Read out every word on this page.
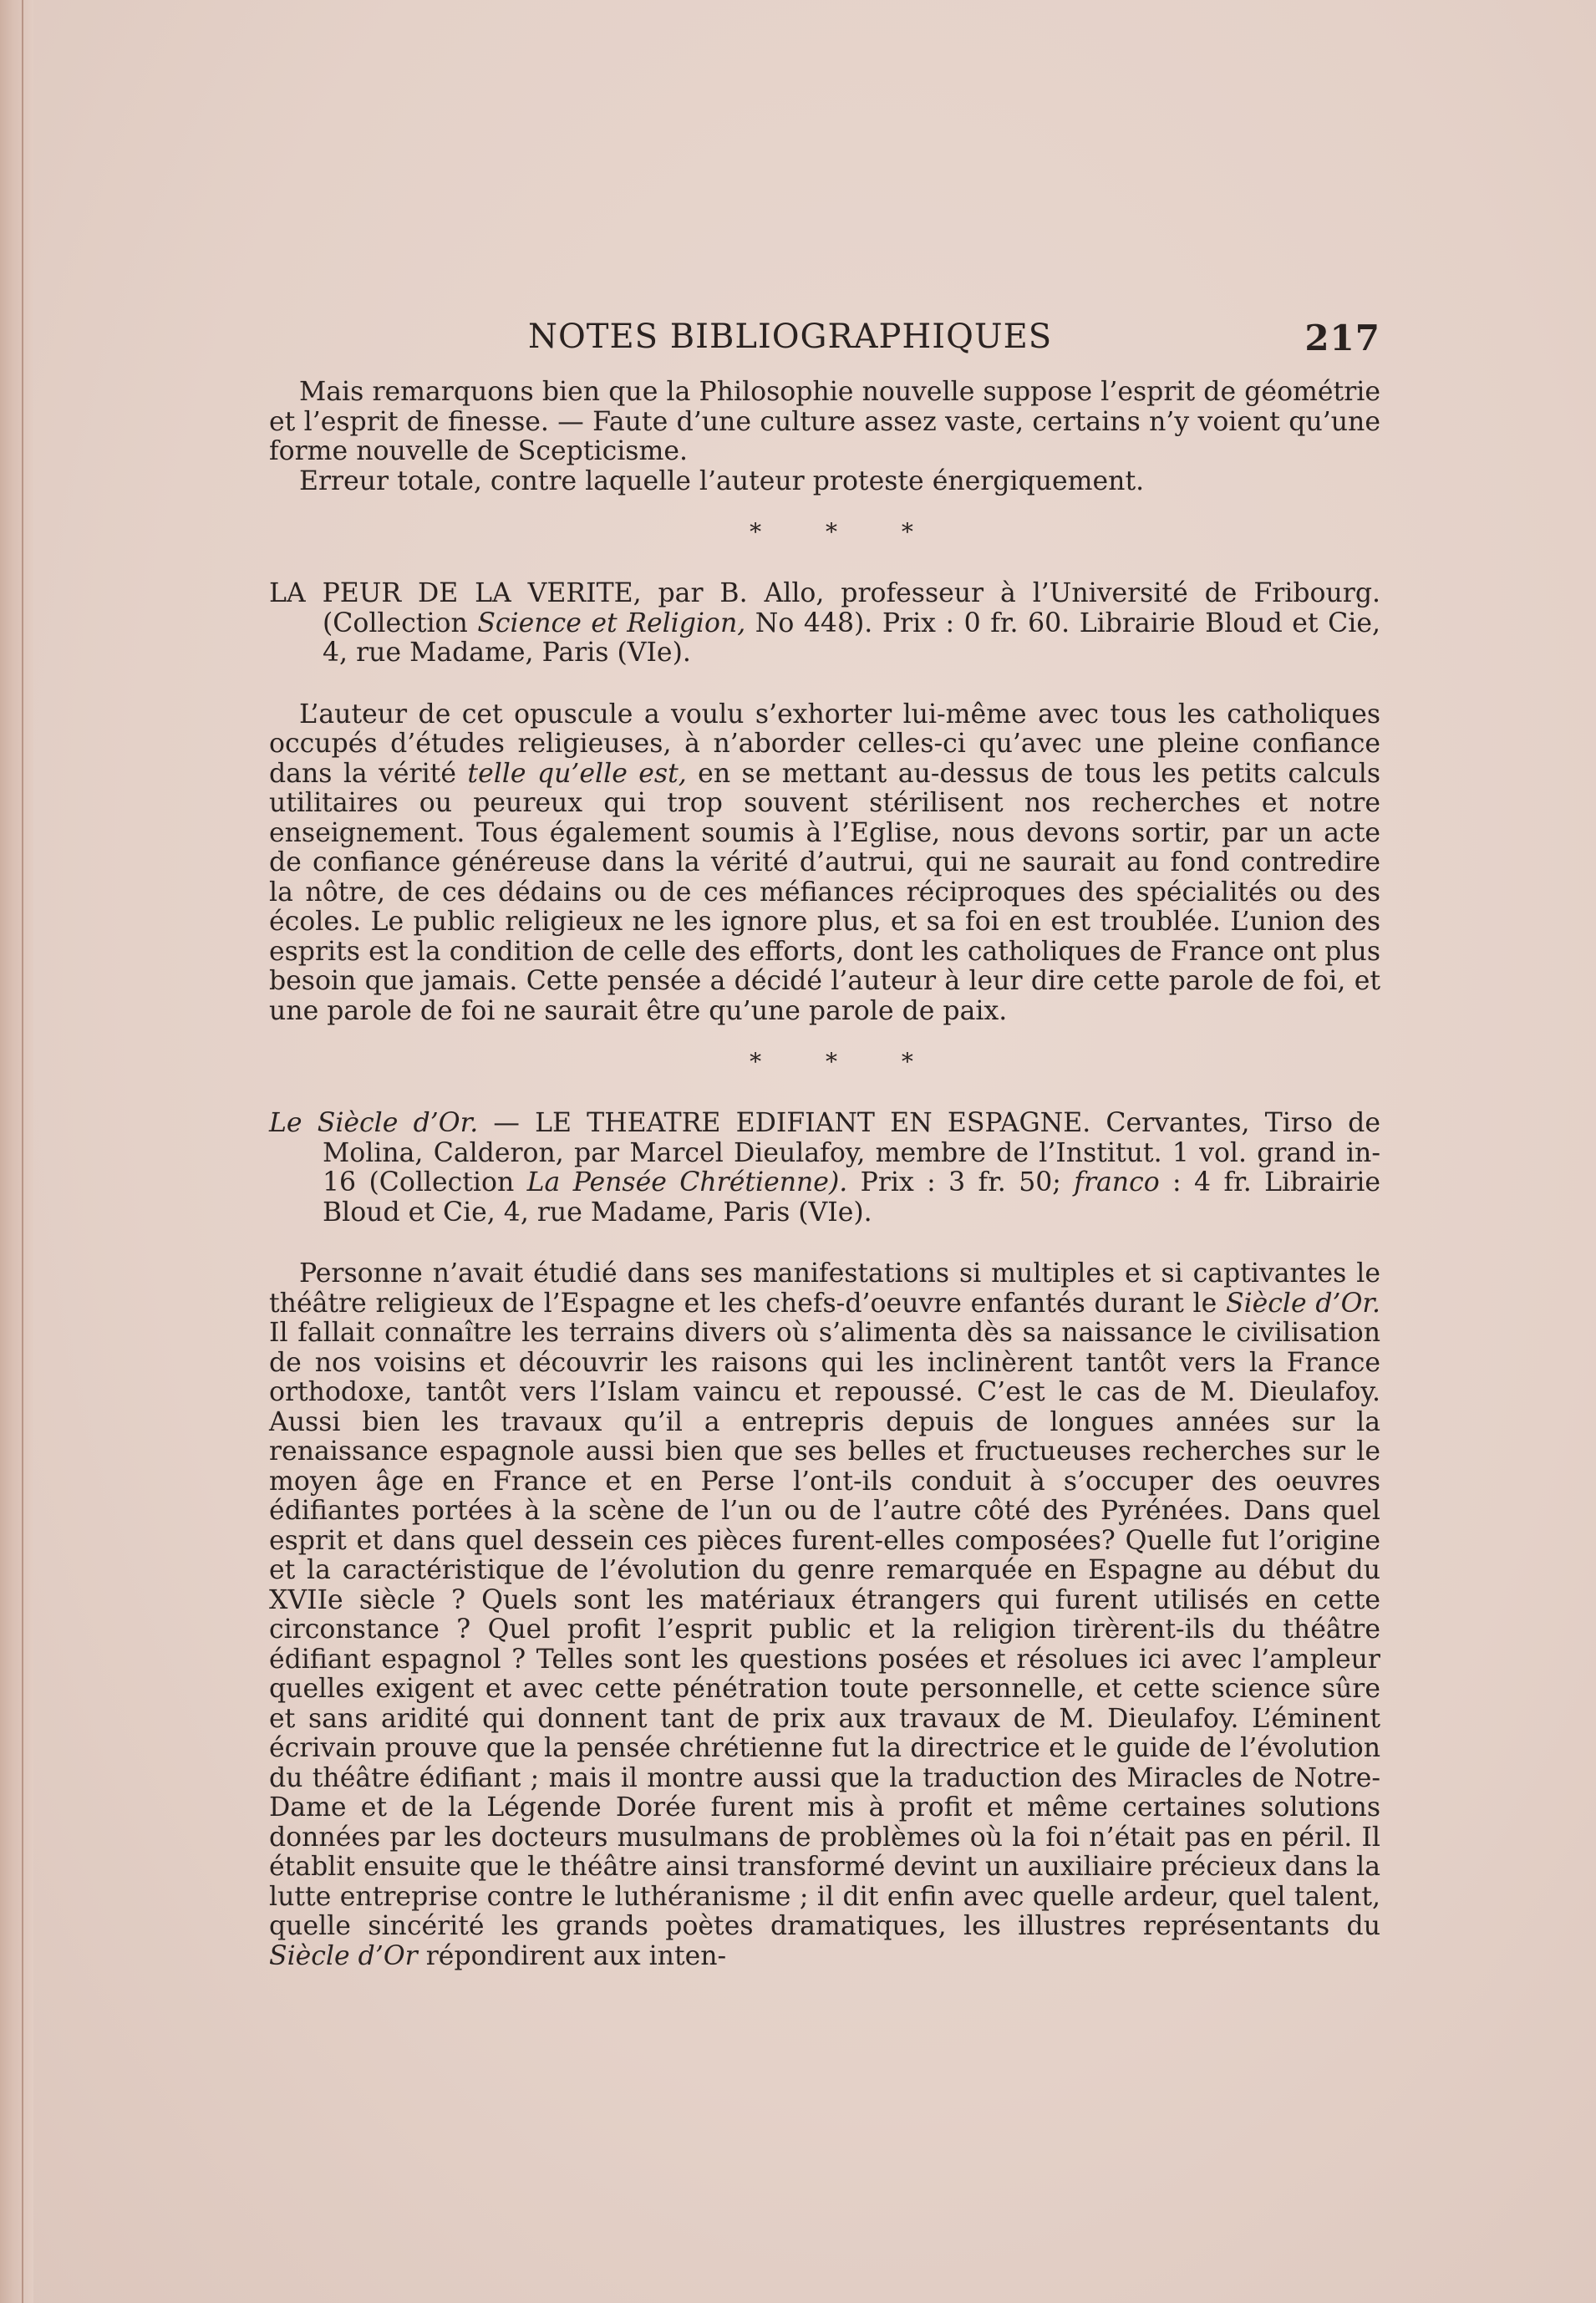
NOTES BIBLIOGRAPHIQUES	217

Mais remarquons bien que la Philosophie nouvelle suppose l’esprit de géométrie et l’esprit de finesse. — Faute d’une culture assez vaste, certains n’y voient qu’une forme nouvelle de Scepticisme.

Erreur totale, contre laquelle l’auteur proteste énergiquement.

* * *

LA PEUR DE LA VERITE, par B. Allo, professeur à l’Université de Fribourg. (Collection Science et Religion, No 448). Prix : 0 fr. 60. Librairie Bloud et Cie, 4, rue Madame, Paris (VIe).

L’auteur de cet opuscule a voulu s’exhorter lui-même avec tous les catholiques occupés d’études religieuses, à n’aborder celles-ci qu’avec une pleine confiance dans la vérité telle qu’elle est, en se mettant au-dessus de tous les petits calculs utilitaires ou peureux qui trop souvent stérilisent nos recherches et notre enseignement. Tous également soumis à l’Eglise, nous devons sortir, par un acte de confiance généreuse dans la vérité d’autrui, qui ne saurait au fond contredire la nôtre, de ces dédains ou de ces méfiances réciproques des spécialités ou des écoles. Le public religieux ne les ignore plus, et sa foi en est troublée. L’union des esprits est la condition de celle des efforts, dont les catholiques de France ont plus besoin que jamais. Cette pensée a décidé l’auteur à leur dire cette parole de foi, et une parole de foi ne saurait être qu’une parole de paix.

* * *

Le Siècle d’Or. — LE THEATRE EDIFIANT EN ESPAGNE. Cervantes, Tirso de Molina, Calderon, par Marcel Dieulafoy, membre de l’Institut. 1 vol. grand in-16 (Collection La Pensée Chrétienne). Prix : 3 fr. 50; franco : 4 fr. Librairie Bloud et Cie, 4, rue Madame, Paris (VIe).

Personne n’avait étudié dans ses manifestations si multiples et si captivantes le théâtre religieux de l’Espagne et les chefs-d’oeuvre enfantés durant le Siècle d’Or. Il fallait connaître les terrains divers où s’alimenta dès sa naissance le civilisation de nos voisins et découvrir les raisons qui les inclinèrent tantôt vers la France orthodoxe, tantôt vers l’Islam vaincu et repoussé. C’est le cas de M. Dieulafoy. Aussi bien les travaux qu’il a entrepris depuis de longues années sur la renaissance espagnole aussi bien que ses belles et fructueuses recherches sur le moyen âge en France et en Perse l’ont-ils conduit à s’occuper des oeuvres édifiantes portées à la scène de l’un ou de l’autre côté des Pyrénées. Dans quel esprit et dans quel dessein ces pièces furent-elles composées? Quelle fut l’origine et la caractéristique de l’évolution du genre remarquée en Espagne au début du XVIIe siècle ? Quels sont les matériaux étrangers qui furent utilisés en cette circonstance ? Quel profit l’esprit public et la religion tirèrent-ils du théâtre édifiant espagnol ? Telles sont les questions posées et résolues ici avec l’ampleur quelles exigent et avec cette pénétration toute personnelle, et cette science sûre et sans aridité qui donnent tant de prix aux travaux de M. Dieulafoy. L’éminent écrivain prouve que la pensée chrétienne fut la directrice et le guide de l’évolution du théâtre édifiant ; mais il montre aussi que la traduction des Miracles de Notre-Dame et de la Légende Dorée furent mis à profit et même certaines solutions données par les docteurs musulmans de problèmes où la foi n’était pas en péril. Il établit ensuite que le théâtre ainsi transformé devint un auxiliaire précieux dans la lutte entreprise contre le luthéranisme ; il dit enfin avec quelle ardeur, quel talent, quelle sincérité les grands poètes dramatiques, les illustres représentants du Siècle d’Or répondirent aux inten-
